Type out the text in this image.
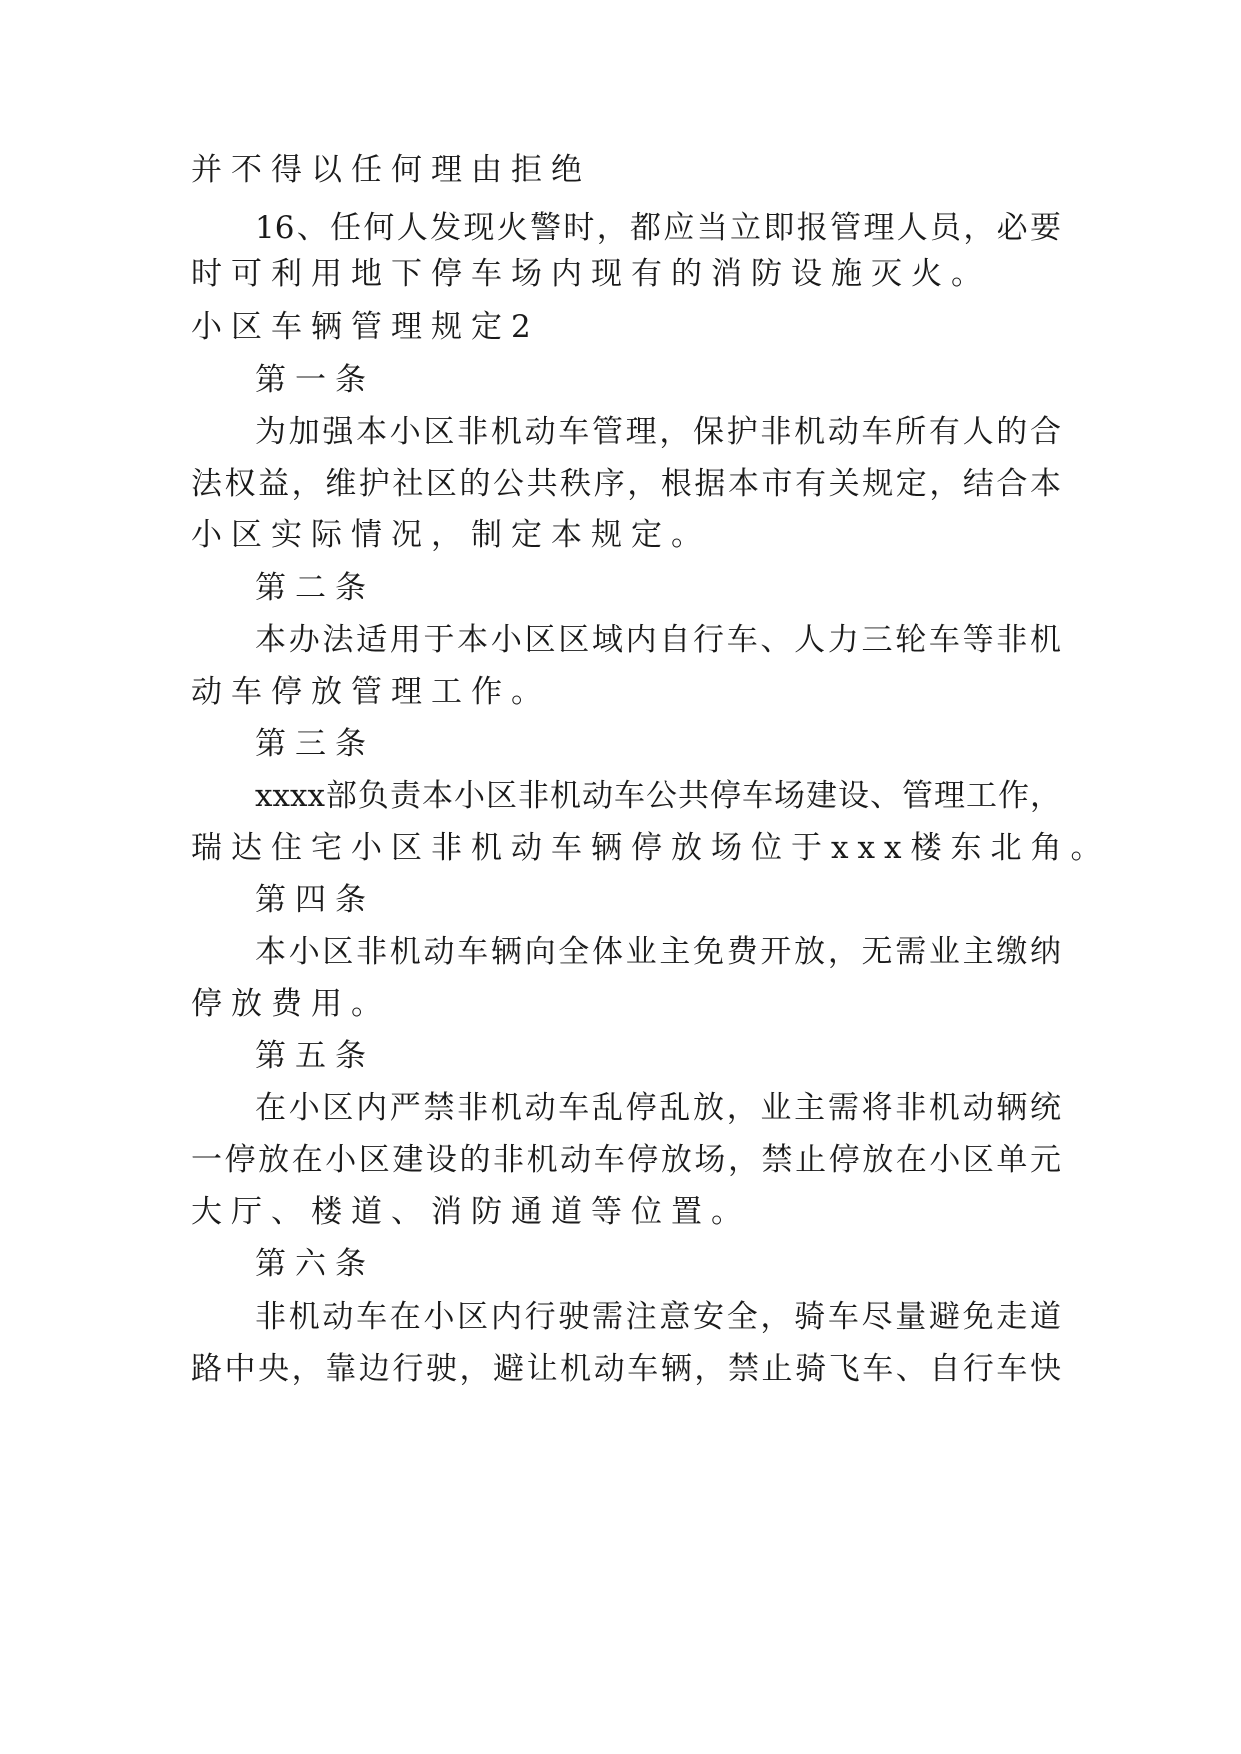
并不得以任何理由拒绝
16、任何人发现火警时，都应当立即报管理人员，必要
时可利用地下停车场内现有的消防设施灭火。
小区车辆管理规定2
第一条
为加强本小区非机动车管理，保护非机动车所有人的合
法权益，维护社区的公共秩序，根据本市有关规定，结合本
小区实际情况，制定本规定。
第二条
本办法适用于本小区区域内自行车、人力三轮车等非机
动车停放管理工作。
第三条
xxxx部负责本小区非机动车公共停车场建设、管理工作，
瑞达住宅小区非机动车辆停放场位于xxx楼东北角。
第四条
本小区非机动车辆向全体业主免费开放，无需业主缴纳
停放费用。
第五条
在小区内严禁非机动车乱停乱放，业主需将非机动辆统
一停放在小区建设的非机动车停放场，禁止停放在小区单元
大厅、楼道、消防通道等位置。
第六条
非机动车在小区内行驶需注意安全，骑车尽量避免走道
路中央，靠边行驶，避让机动车辆，禁止骑飞车、自行车快
